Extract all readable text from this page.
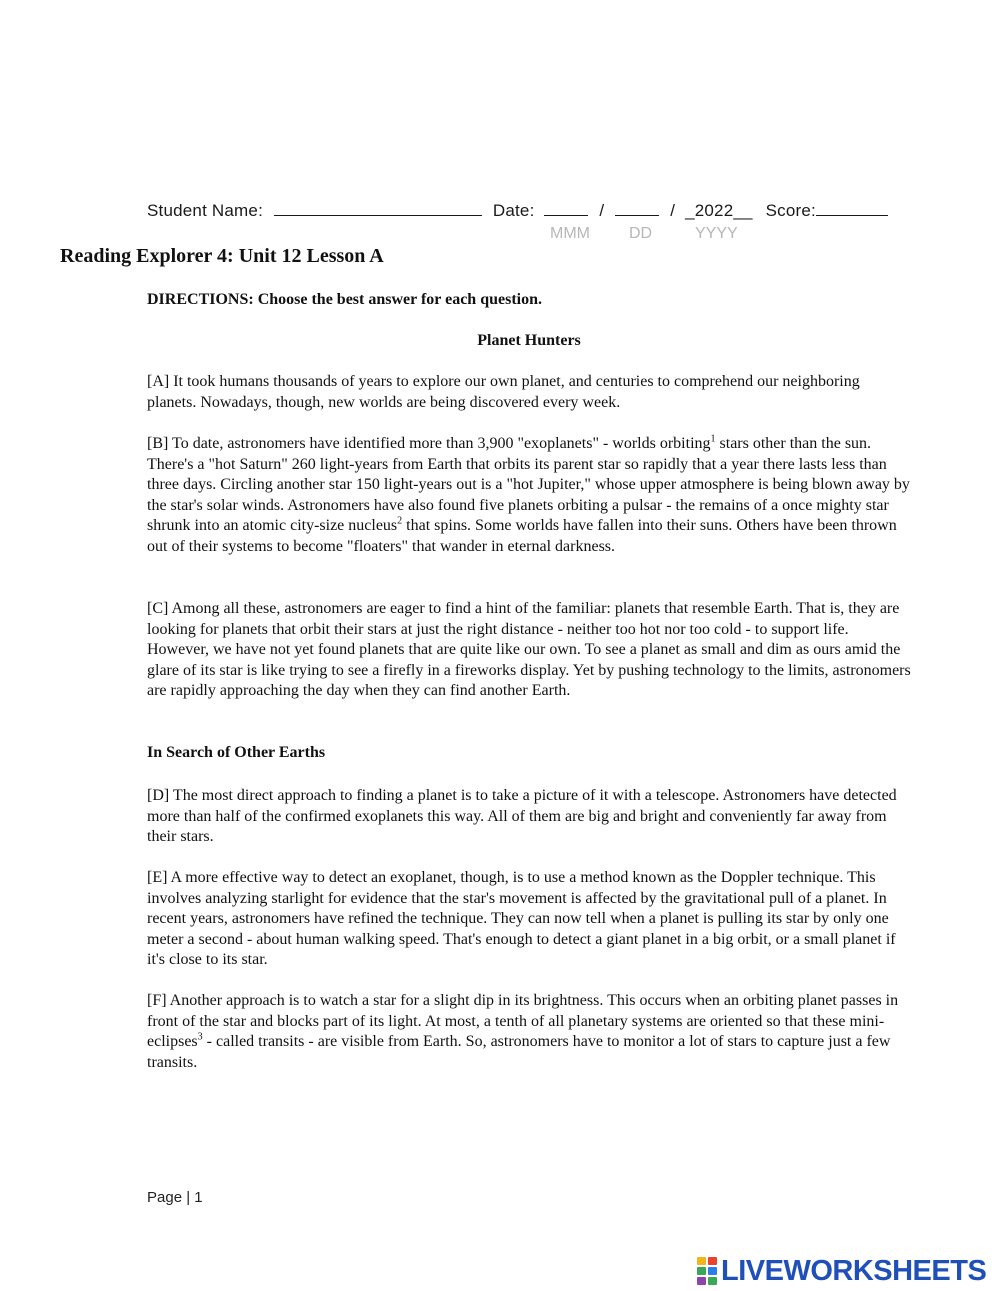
Student Name:	Date:	/	/ _2022__ Score:
MMM DD	YYYY
Reading Explorer 4: Unit 12 Lesson A
DIRECTIONS: Choose the best answer for each question.
Planet Hunters

[A] It took humans thousands of years to explore our own planet, and centuries to comprehend our neighboring planets. Nowadays, though, new worlds are being discovered every week.

[B] To date, astronomers have identified more than 3,900 "exoplanets" - worlds orbiting$^1$ stars other than the sun. There's a "hot Saturn" 260 light-years from Earth that orbits its parent star so rapidly that a year there lasts less than three days. Circling another star 150 light-years out is a "hot Jupiter," whose upper atmosphere is being blown away by the star's solar winds. Astronomers have also found five planets orbiting a pulsar - the remains of a once mighty star shrunk into an atomic city-size nucleus$^2$ that spins. Some worlds have fallen into their suns. Others have been thrown out of their systems to become "floaters" that wander in eternal darkness.

[C] Among all these, astronomers are eager to find a hint of the familiar: planets that resemble Earth. That is, they are looking for planets that orbit their stars at just the right distance - neither too hot nor too cold - to support life. However, we have not yet found planets that are quite like our own. To see a planet as small and dim as ours amid the glare of its star is like trying to see a firefly in a fireworks display. Yet by pushing technology to the limits, astronomers are rapidly approaching the day when they can find another Earth.

In Search of Other Earths

[D] The most direct approach to finding a planet is to take a picture of it with a telescope. Astronomers have detected more than half of the confirmed exoplanets this way. All of them are big and bright and conveniently far away from their stars.

[E] A more effective way to detect an exoplanet, though, is to use a method known as the Doppler technique. This involves analyzing starlight for evidence that the star's movement is affected by the gravitational pull of a planet. In recent years, astronomers have refined the technique. They can now tell when a planet is pulling its star by only one meter a second - about human walking speed. That's enough to detect a giant planet in a big orbit, or a small planet if it's close to its star.

[F] Another approach is to watch a star for a slight dip in its brightness. This occurs when an orbiting planet passes in front of the star and blocks part of its light. At most, a tenth of all planetary systems are oriented so that these mini-eclipses$^3$ - called transits - are visible from Earth. So, astronomers have to monitor a lot of stars to capture just a few transits.

Page | 1
LIVEWORKSHEETS
